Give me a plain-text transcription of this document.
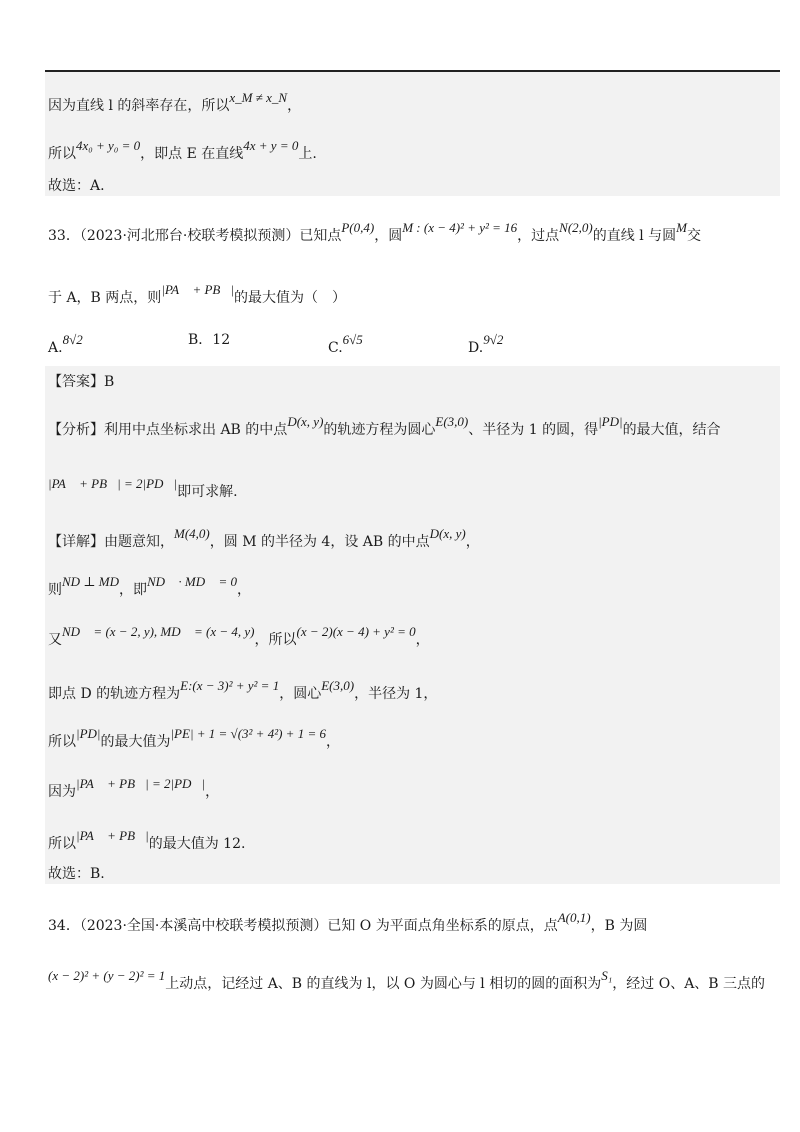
因为直线 l 的斜率存在，所以x_M ≠ x_N，
所以4x₀ + y₀ = 0，即点 E 在直线4x + y = 0上.
故选：A.
33．（2023·河北邢台·校联考模拟预测）已知点P(0,4)，圆M : (x − 4)² + y² = 16，过点N(2,0)的直线 l 与圆M交
于 A，B 两点，则|PA⃗ + PB⃗|的最大值为（　）
A.8√2	B．12	C.6√5
D.9√2
【答案】B
【分析】利用中点坐标求出 AB 的中点D(x, y)的轨迹方程为圆心E(3,0)、半径为 1 的圆，得|PD|的最大值，结合
|PA⃗ + PB⃗| = 2|PD⃗|即可求解.
【详解】由题意知，M(4,0)，圆 M 的半径为 4，设 AB 的中点D(x, y)，
则ND ⊥ MD，即ND⃗ · MD⃗ = 0，
又ND⃗ = (x − 2, y), MD⃗ = (x − 4, y)，所以(x − 2)(x − 4) + y² = 0，
即点 D 的轨迹方程为E:(x − 3)² + y² = 1，圆心E(3,0)，半径为 1，
所以|PD|的最大值为|PE| + 1 = √(3² + 4²) + 1 = 6，
因为|PA⃗ + PB⃗| = 2|PD⃗|，
所以|PA⃗ + PB⃗|的最大值为 12.
故选：B.
34．（2023·全国·本溪高中校联考模拟预测）已知 O 为平面点角坐标系的原点，点A(0,1)，B 为圆
(x − 2)² + (y − 2)² = 1上动点，记经过 A、B 的直线为 l，以 O 为圆心与 l 相切的圆的面积为S₁，经过 O、A、B 三点的
